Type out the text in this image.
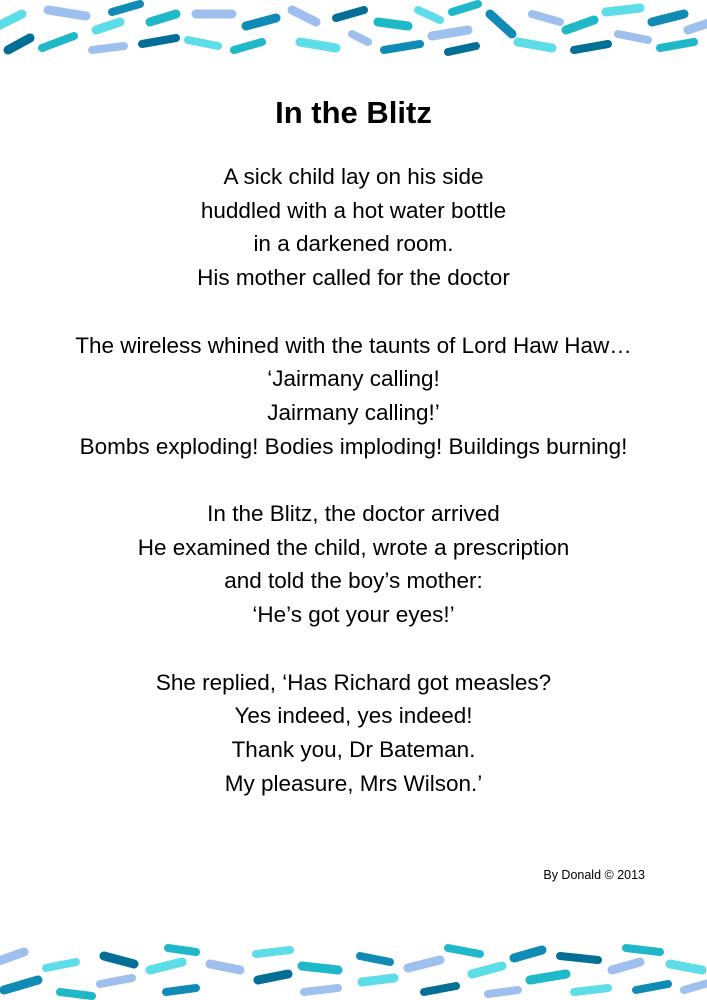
In the Blitz

A sick child lay on his side
huddled with a hot water bottle
in a darkened room.
His mother called for the doctor

The wireless whined with the taunts of Lord Haw Haw…
‘Jairmany calling!
Jairmany calling!’
Bombs exploding! Bodies imploding! Buildings burning!

In the Blitz, the doctor arrived
He examined the child, wrote a prescription
and told the boy’s mother:
‘He’s got your eyes!’

She replied, ‘Has Richard got measles?
Yes indeed, yes indeed!
Thank you, Dr Bateman.
My pleasure, Mrs Wilson.’

By Donald © 2013
